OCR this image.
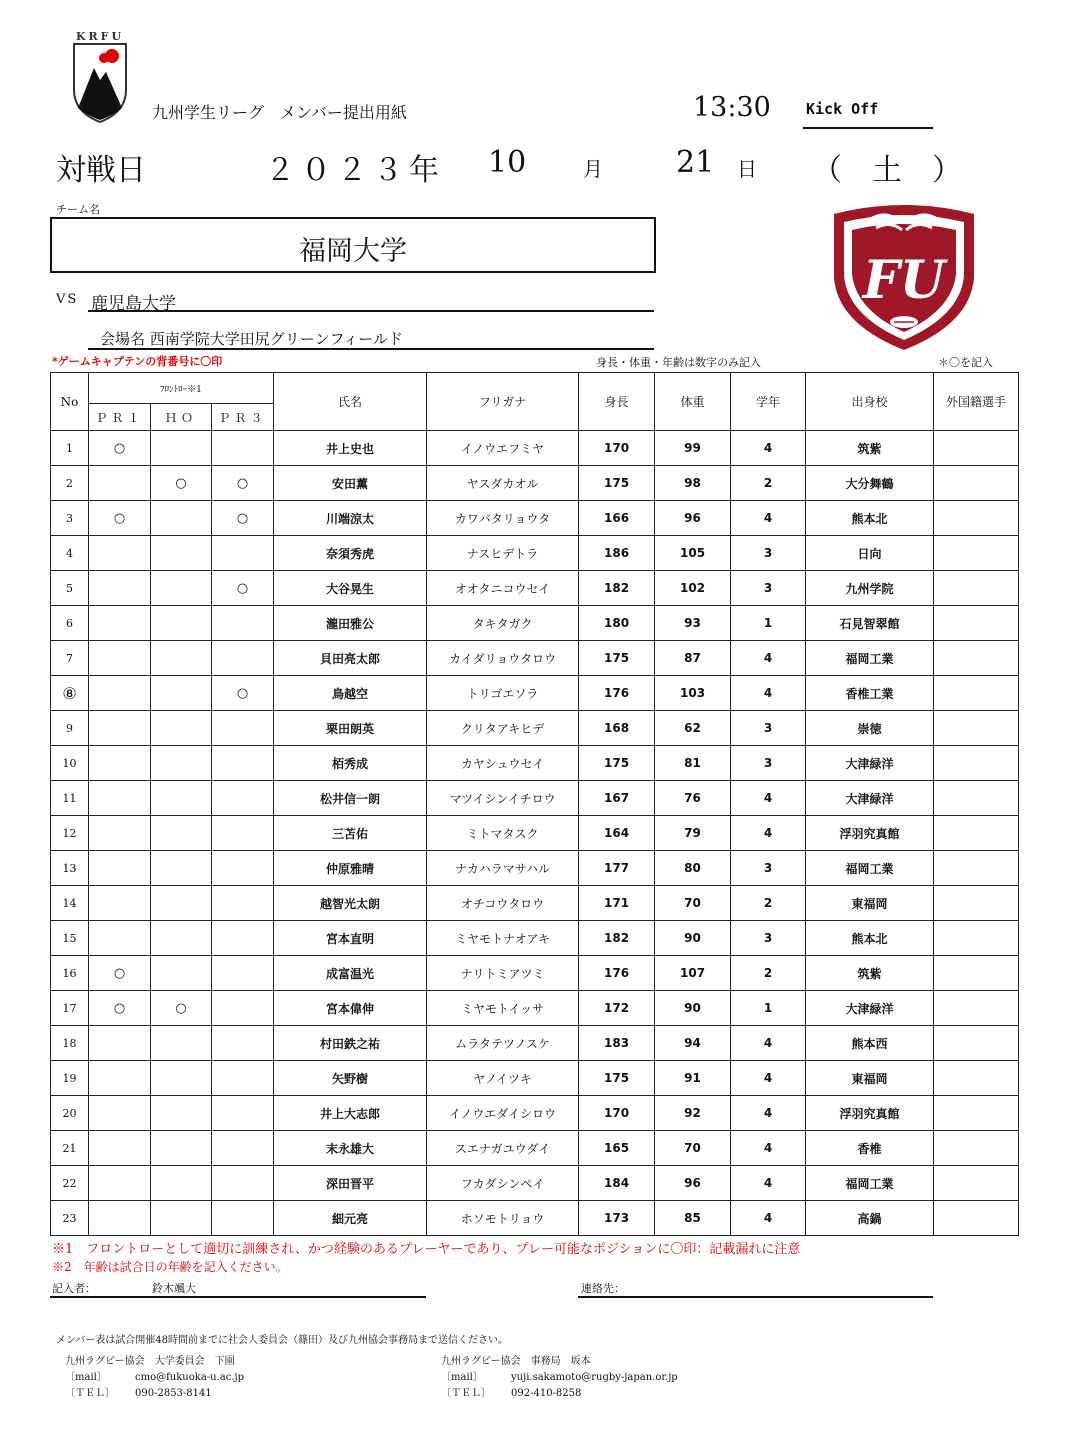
KRFU
九州学生リーグ　メンバー提出用紙	13:30 Kick Off
対戦日	２０２３年 10	月 21 日 （　土　）
チーム名
福岡大学
VS 鹿児島大学
会場名 西南学院大学田尻グリーンフィールド
FU
*ゲームキャプテンの背番号に〇印	身長・体重・年齢は数字のみ記入	＊〇を記入
No	ﾌﾛﾝﾄﾛｰ※1			氏名	フリガナ	身長	体重	学年	出身校	外国籍選手
	ＰＲ１	ＨＯ	ＰＲ３							
1	○			井上史也	イノウエフミヤ	170	99	4	筑紫	
2		○	○	安田薫	ヤスダカオル	175	98	2	大分舞鶴	
3	○		○	川端涼太	カワバタリョウタ	166	96	4	熊本北	
4				奈須秀虎	ナスヒデトラ	186	105	3	日向	
5			○	大谷晃生	オオタニコウセイ	182	102	3	九州学院	
6				瀧田雅公	タキタガク	180	93	1	石見智翠館	
7				貝田亮太郎	カイダリョウタロウ	175	87	4	福岡工業	
⑧			○	鳥越空	トリゴエソラ	176	103	4	香椎工業	
9				栗田朗英	クリタアキヒデ	168	62	3	崇徳	
10				栢秀成	カヤシュウセイ	175	81	3	大津緑洋	
11				松井信一朗	マツイシンイチロウ	167	76	4	大津緑洋	
12				三苫佑	ミトマタスク	164	79	4	浮羽究真館	
13				仲原雅晴	ナカハラマサハル	177	80	3	福岡工業	
14				越智光太朗	オチコウタロウ	171	70	2	東福岡	
15				宮本直明	ミヤモトナオアキ	182	90	3	熊本北	
16	○			成富温光	ナリトミアツミ	176	107	2	筑紫	
17	○	○		宮本偉伸	ミヤモトイッサ	172	90	1	大津緑洋	
18				村田鉄之祐	ムラタテツノスケ	183	94	4	熊本西	
19				矢野樹	ヤノイツキ	175	91	4	東福岡	
20				井上大志郎	イノウエダイシロウ	170	92	4	浮羽究真館	
21				末永雄大	スエナガユウダイ	165	70	4	香椎	
22				深田晋平	フカダシンペイ	184	96	4	福岡工業	
23				細元亮	ホソモトリョウ	173	85	4	高鍋	
※1　フロントローとして適切に訓練され、かつ経験のあるプレーヤーであり、プレー可能なポジションに〇印：記載漏れに注意
※2　年齢は試合日の年齢を記入ください。
記入者：	鈴木颯大	連絡先：
メンバー表は試合開催48時間前までに社会人委員会（篠田）及び九州協会事務局まで送信ください。
九州ラグビー協会　大学委員会　下園
〔mail〕	cmo@fukuoka-u.ac.jp
〔ＴＥＬ〕 090-2853-8141
九州ラグビー協会　事務局　坂本
〔mail〕	yuji.sakamoto@rugby-japan.or.jp
〔ＴＥＬ〕 092-410-8258
